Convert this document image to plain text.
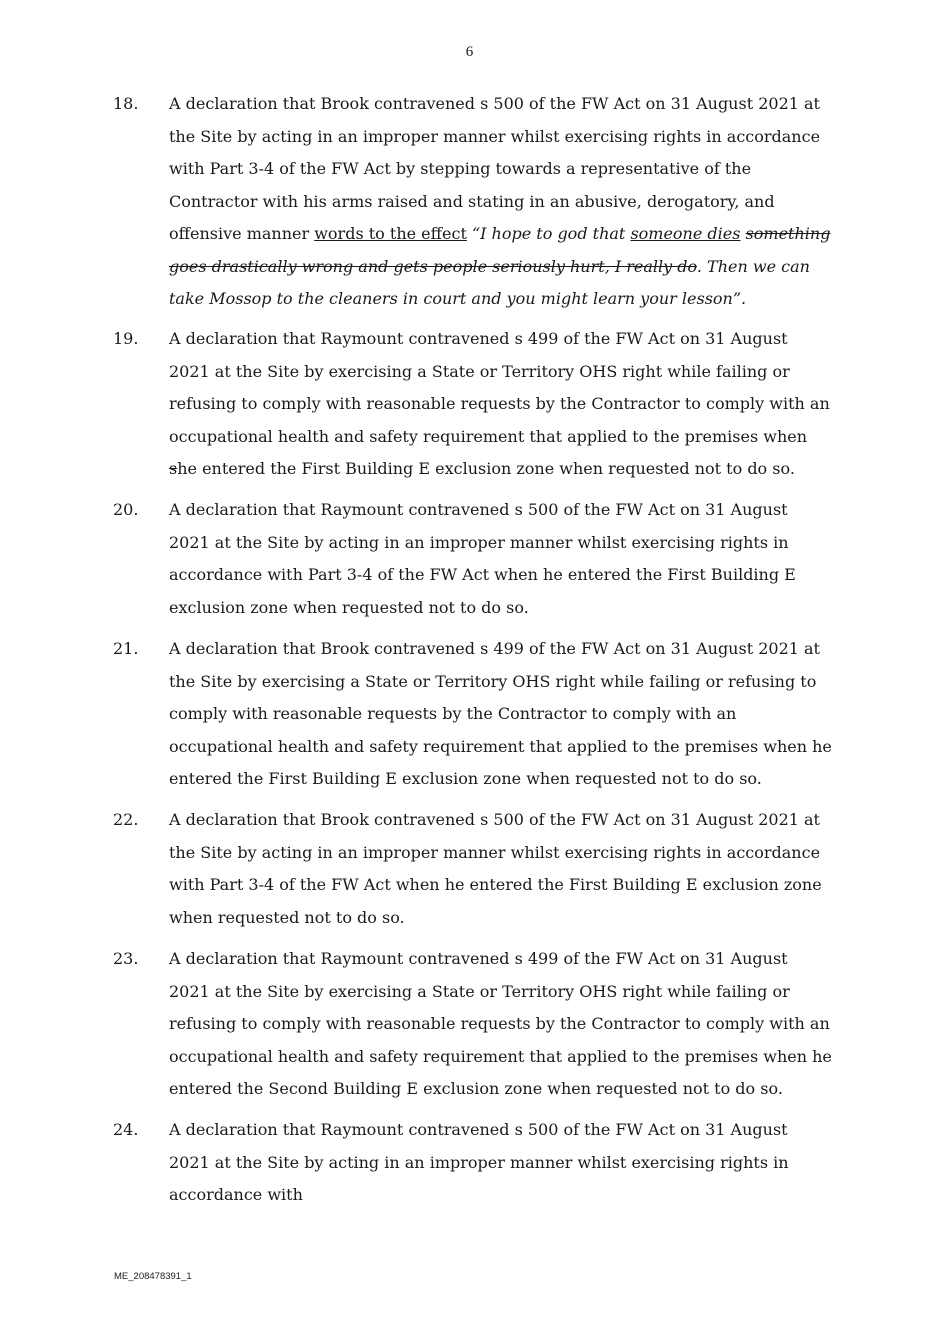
6
18. A declaration that Brook contravened s 500 of the FW Act on 31 August 2021 at the Site by acting in an improper manner whilst exercising rights in accordance with Part 3-4 of the FW Act by stepping towards a representative of the Contractor with his arms raised and stating in an abusive, derogatory, and offensive manner words to the effect “I hope to god that someone dies something goes drastically wrong and gets people seriously hurt, I really do. Then we can take Mossop to the cleaners in court and you might learn your lesson”.
19. A declaration that Raymount contravened s 499 of the FW Act on 31 August 2021 at the Site by exercising a State or Territory OHS right while failing or refusing to comply with reasonable requests by the Contractor to comply with an occupational health and safety requirement that applied to the premises when she entered the First Building E exclusion zone when requested not to do so.
20. A declaration that Raymount contravened s 500 of the FW Act on 31 August 2021 at the Site by acting in an improper manner whilst exercising rights in accordance with Part 3-4 of the FW Act when he entered the First Building E exclusion zone when requested not to do so.
21. A declaration that Brook contravened s 499 of the FW Act on 31 August 2021 at the Site by exercising a State or Territory OHS right while failing or refusing to comply with reasonable requests by the Contractor to comply with an occupational health and safety requirement that applied to the premises when he entered the First Building E exclusion zone when requested not to do so.
22. A declaration that Brook contravened s 500 of the FW Act on 31 August 2021 at the Site by acting in an improper manner whilst exercising rights in accordance with Part 3-4 of the FW Act when he entered the First Building E exclusion zone when requested not to do so.
23. A declaration that Raymount contravened s 499 of the FW Act on 31 August 2021 at the Site by exercising a State or Territory OHS right while failing or refusing to comply with reasonable requests by the Contractor to comply with an occupational health and safety requirement that applied to the premises when he entered the Second Building E exclusion zone when requested not to do so.
24. A declaration that Raymount contravened s 500 of the FW Act on 31 August 2021 at the Site by acting in an improper manner whilst exercising rights in accordance with
ME_208478391_1
